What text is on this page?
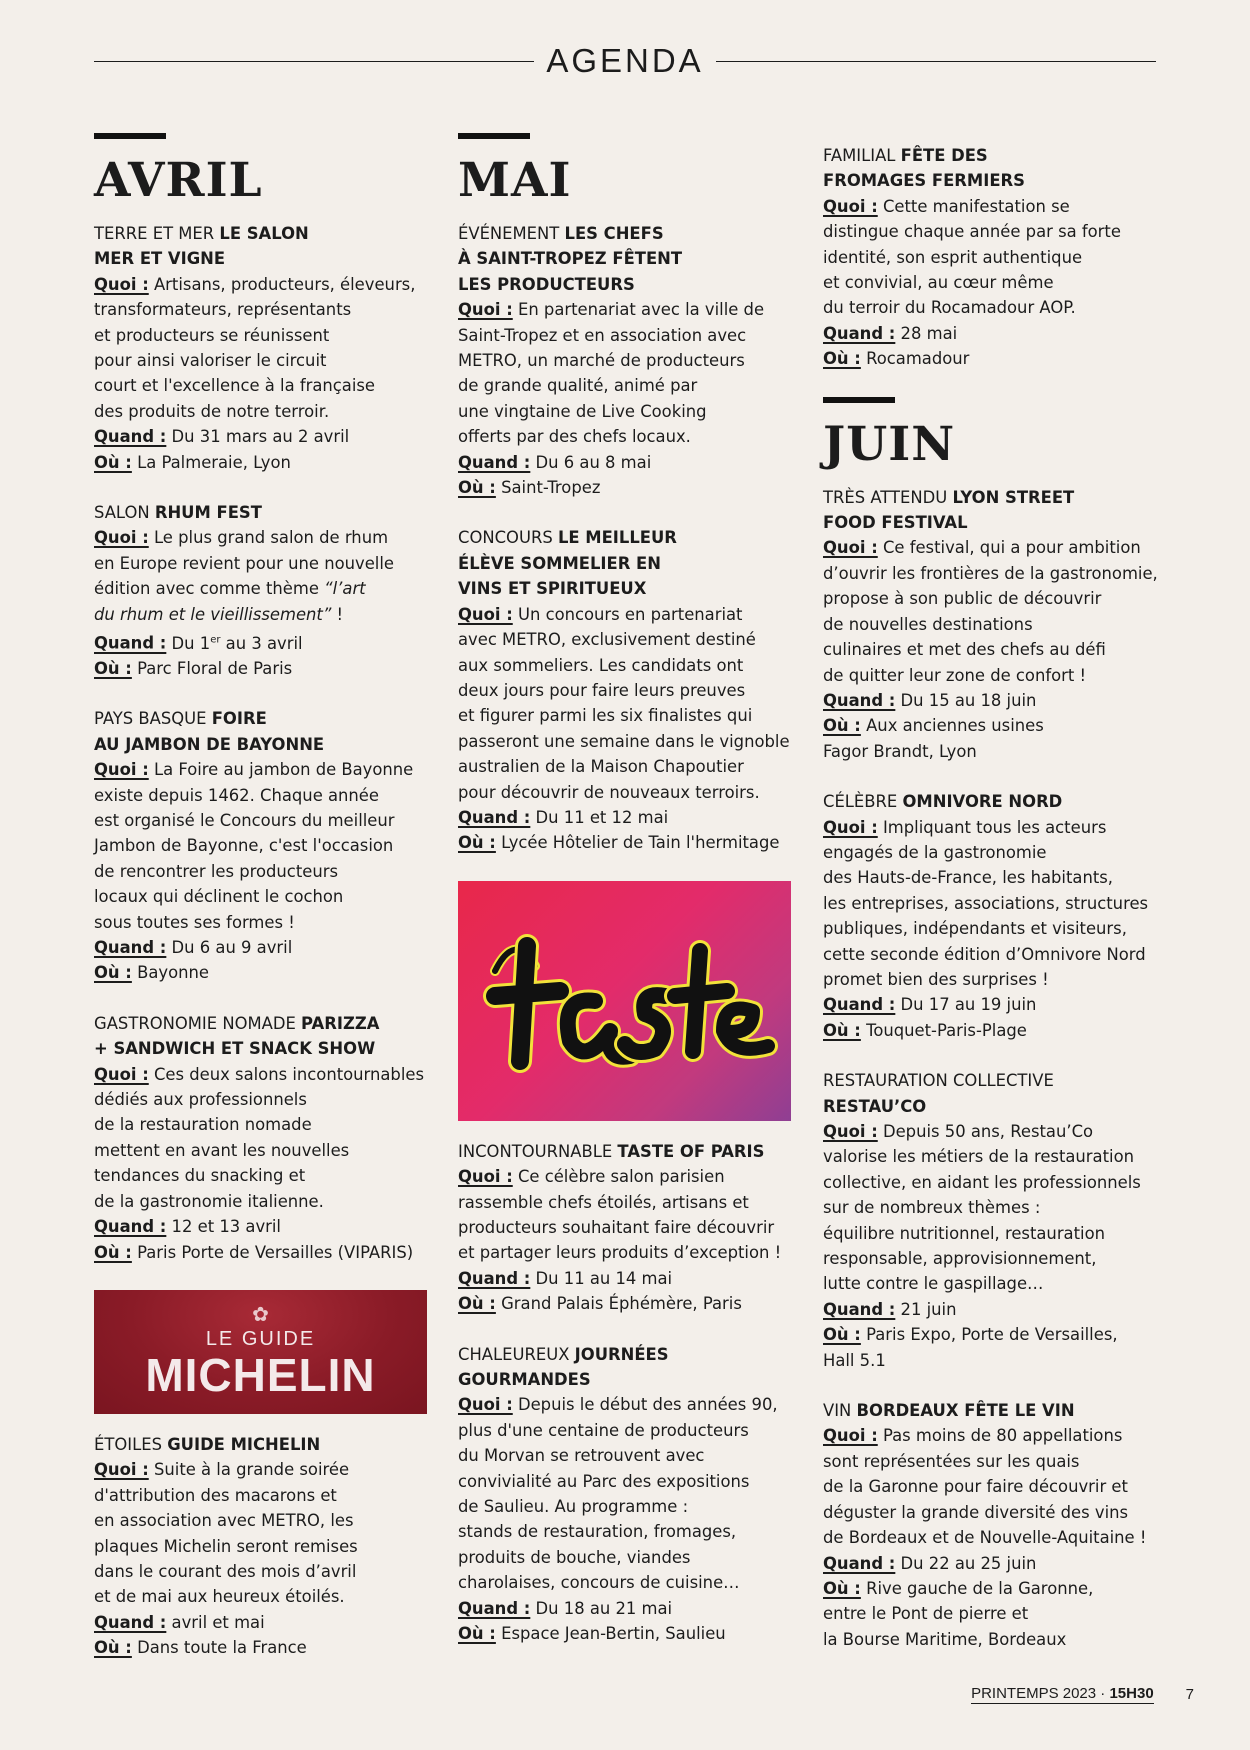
AGENDA
AVRIL

TERRE ET MER LE SALON
MER ET VIGNE

Quoi : Artisans, producteurs, éleveurs,
transformateurs, représentants
et producteurs se réunissent
pour ainsi valoriser le circuit
court et l'excellence à la française
des produits de notre terroir.

Quand : Du 31 mars au 2 avril

Où : La Palmeraie, Lyon

SALON RHUM FEST

Quoi : Le plus grand salon de rhum
en Europe revient pour une nouvelle
édition avec comme thème “l’art
du rhum et le vieillissement” !

Quand : Du 1er au 3 avril

Où : Parc Floral de Paris

PAYS BASQUE FOIRE
AU JAMBON DE BAYONNE

Quoi : La Foire au jambon de Bayonne
existe depuis 1462. Chaque année
est organisé le Concours du meilleur
Jambon de Bayonne, c'est l'occasion
de rencontrer les producteurs
locaux qui déclinent le cochon
sous toutes ses formes !

Quand : Du 6 au 9 avril

Où : Bayonne

GASTRONOMIE NOMADE PARIZZA
+ SANDWICH ET SNACK SHOW

Quoi : Ces deux salons incontournables
dédiés aux professionnels
de la restauration nomade
mettent en avant les nouvelles
tendances du snacking et
de la gastronomie italienne.

Quand : 12 et 13 avril

Où : Paris Porte de Versailles (VIPARIS)

✿
LE GUIDE
MICHELIN

ÉTOILES GUIDE MICHELIN

Quoi : Suite à la grande soirée
d'attribution des macarons et
en association avec METRO, les
plaques Michelin seront remises
dans le courant des mois d’avril
et de mai aux heureux étoilés.

Quand : avril et mai

Où : Dans toute la France

MAI

ÉVÉNEMENT LES CHEFS
À SAINT-TROPEZ FÊTENT
LES PRODUCTEURS

Quoi : En partenariat avec la ville de
Saint-Tropez et en association avec
METRO, un marché de producteurs
de grande qualité, animé par
une vingtaine de Live Cooking
offerts par des chefs locaux.

Quand : Du 6 au 8 mai

Où : Saint-Tropez

CONCOURS LE MEILLEUR
ÉLÈVE SOMMELIER EN
VINS ET SPIRITUEUX

Quoi : Un concours en partenariat
avec METRO, exclusivement destiné
aux sommeliers. Les candidats ont
deux jours pour faire leurs preuves
et figurer parmi les six finalistes qui
passeront une semaine dans le vignoble
australien de la Maison Chapoutier
pour découvrir de nouveaux terroirs.

Quand : Du 11 et 12 mai

Où : Lycée Hôtelier de Tain l'hermitage

INCONTOURNABLE TASTE OF PARIS

Quoi : Ce célèbre salon parisien
rassemble chefs étoilés, artisans et
producteurs souhaitant faire découvrir
et partager leurs produits d’exception !

Quand : Du 11 au 14 mai

Où : Grand Palais Éphémère, Paris

CHALEUREUX JOURNÉES
GOURMANDES

Quoi : Depuis le début des années 90,
plus d'une centaine de producteurs
du Morvan se retrouvent avec
convivialité au Parc des expositions
de Saulieu. Au programme :
stands de restauration, fromages,
produits de bouche, viandes
charolaises, concours de cuisine…

Quand : Du 18 au 21 mai

Où : Espace Jean-Bertin, Saulieu

FAMILIAL FÊTE DES
FROMAGES FERMIERS

Quoi : Cette manifestation se
distingue chaque année par sa forte
identité, son esprit authentique
et convivial, au cœur même
du terroir du Rocamadour AOP.

Quand : 28 mai

Où : Rocamadour

JUIN

TRÈS ATTENDU LYON STREET
FOOD FESTIVAL

Quoi : Ce festival, qui a pour ambition
d’ouvrir les frontières de la gastronomie,
propose à son public de découvrir
de nouvelles destinations
culinaires et met des chefs au défi
de quitter leur zone de confort !

Quand : Du 15 au 18 juin

Où : Aux anciennes usines
Fagor Brandt, Lyon

CÉLÈBRE OMNIVORE NORD

Quoi : Impliquant tous les acteurs
engagés de la gastronomie
des Hauts-de-France, les habitants,
les entreprises, associations, structures
publiques, indépendants et visiteurs,
cette seconde édition d’Omnivore Nord
promet bien des surprises !

Quand : Du 17 au 19 juin

Où : Touquet-Paris-Plage

RESTAURATION COLLECTIVE
RESTAU’CO

Quoi : Depuis 50 ans, Restau’Co
valorise les métiers de la restauration
collective, en aidant les professionnels
sur de nombreux thèmes :
équilibre nutritionnel, restauration
responsable, approvisionnement,
lutte contre le gaspillage…

Quand : 21 juin

Où : Paris Expo, Porte de Versailles,
Hall 5.1

VIN BORDEAUX FÊTE LE VIN

Quoi : Pas moins de 80 appellations
sont représentées sur les quais
de la Garonne pour faire découvrir et
déguster la grande diversité des vins
de Bordeaux et de Nouvelle-Aquitaine !

Quand : Du 22 au 25 juin

Où : Rive gauche de la Garonne,
entre le Pont de pierre et
la Bourse Maritime, Bordeaux

PRINTEMPS 2023 · 15H30 7
